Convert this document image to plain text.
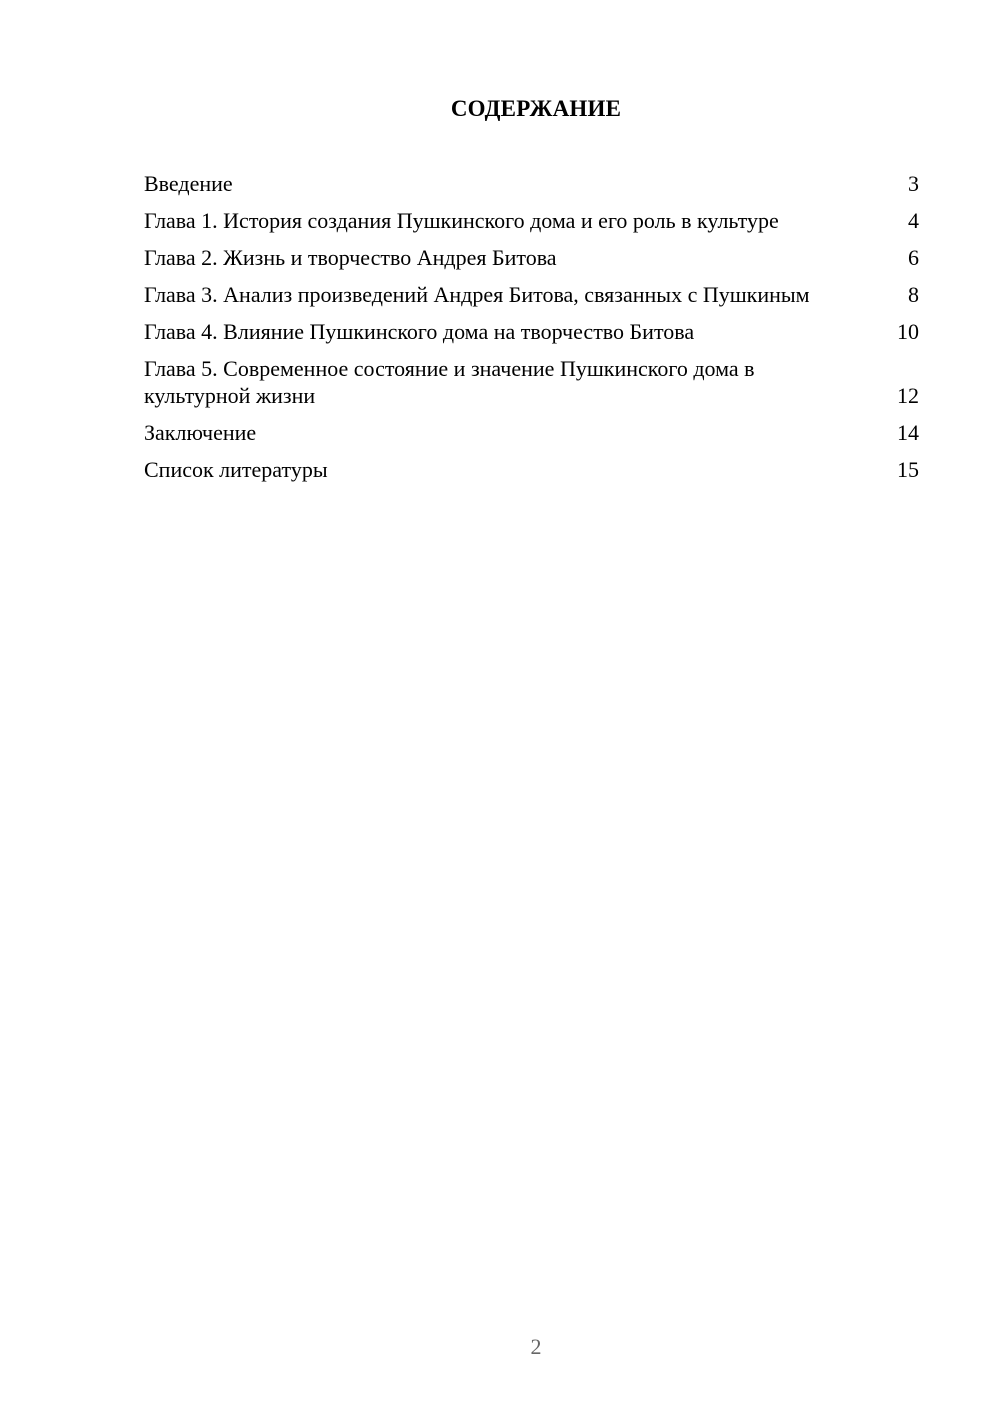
СОДЕРЖАНИЕ
Введение	3
Глава 1. История создания Пушкинского дома и его роль в культуре	4
Глава 2. Жизнь и творчество Андрея Битова	6
Глава 3. Анализ произведений Андрея Битова, связанных с Пушкиным	8
Глава 4. Влияние Пушкинского дома на творчество Битова	10
Глава 5. Современное состояние и значение Пушкинского дома в культурной жизни	12
Заключение	14
Список литературы	15
2
